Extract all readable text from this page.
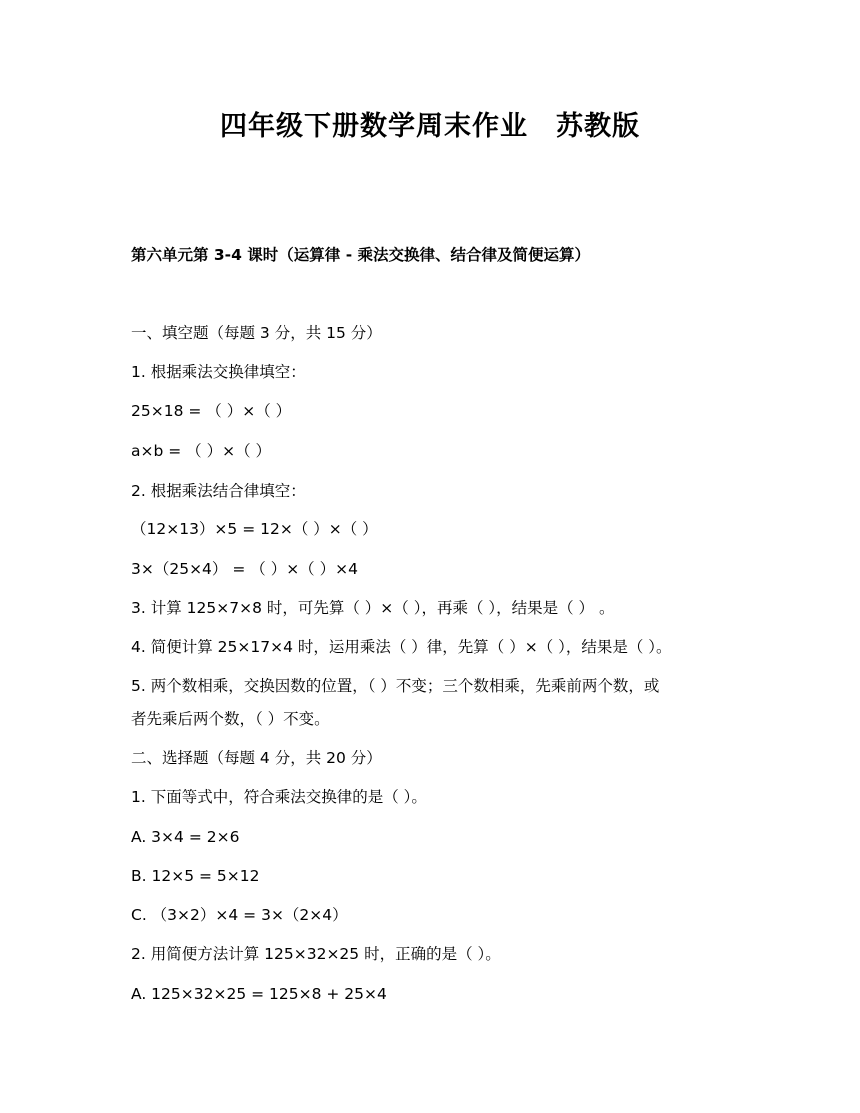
四年级下册数学周末作业　苏教版
第六单元第 3-4 课时（运算律 - 乘法交换律、结合律及简便运算）
一、填空题（每题 3 分，共 15 分）
1. 根据乘法交换律填空：
25×18 = （ ）×（ ）
a×b = （ ）×（ ）
2. 根据乘法结合律填空：
（12×13）×5 = 12×（ ）×（ ）
3×（25×4） = （ ）×（ ）×4
3. 计算 125×7×8 时，可先算（ ）×（ ），再乘（ ），结果是（ ） 。
4. 简便计算 25×17×4 时，运用乘法（ ）律，先算（ ）×（ ），结果是（ ）。
5. 两个数相乘，交换因数的位置，（ ）不变；三个数相乘，先乘前两个数，或
者先乘后两个数，（ ）不变。
二、选择题（每题 4 分，共 20 分）
1. 下面等式中，符合乘法交换律的是（ ）。
A. 3×4 = 2×6
B. 12×5 = 5×12
C. （3×2）×4 = 3×（2×4）
2. 用简便方法计算 125×32×25 时，正确的是（ ）。
A. 125×32×25 = 125×8 + 25×4
